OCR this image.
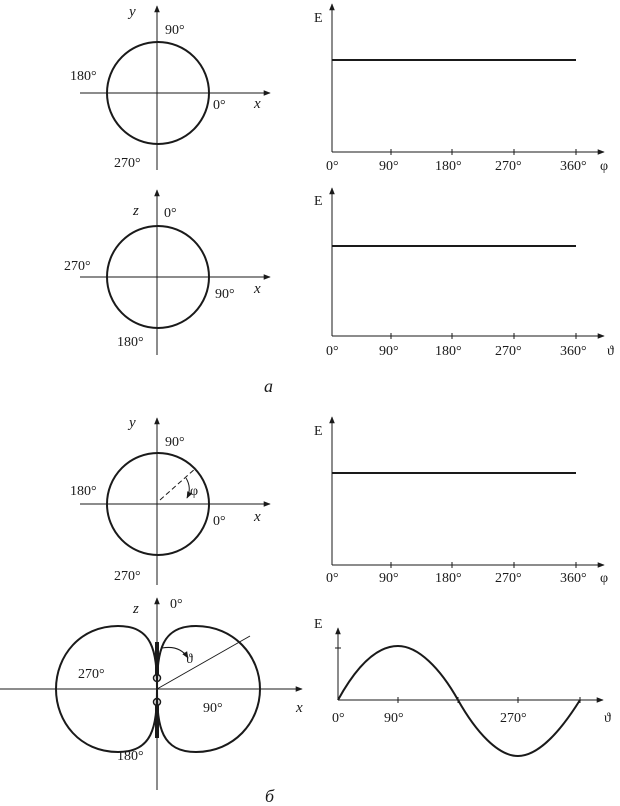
y
x
90°
180°
0°
270°
E
φ
0°	90°	180° 270°	360°
z
x
0°
270°
90°
180°
E
ϑ
0°	90°	180° 270°	360°
а
φ
y
x
90°
180°
0°
270°
E
φ
0°	90°	180° 270°	360°
ϑ
z
x
0°
270°
90°
180°
E
ϑ
0°	90°	270°
б
